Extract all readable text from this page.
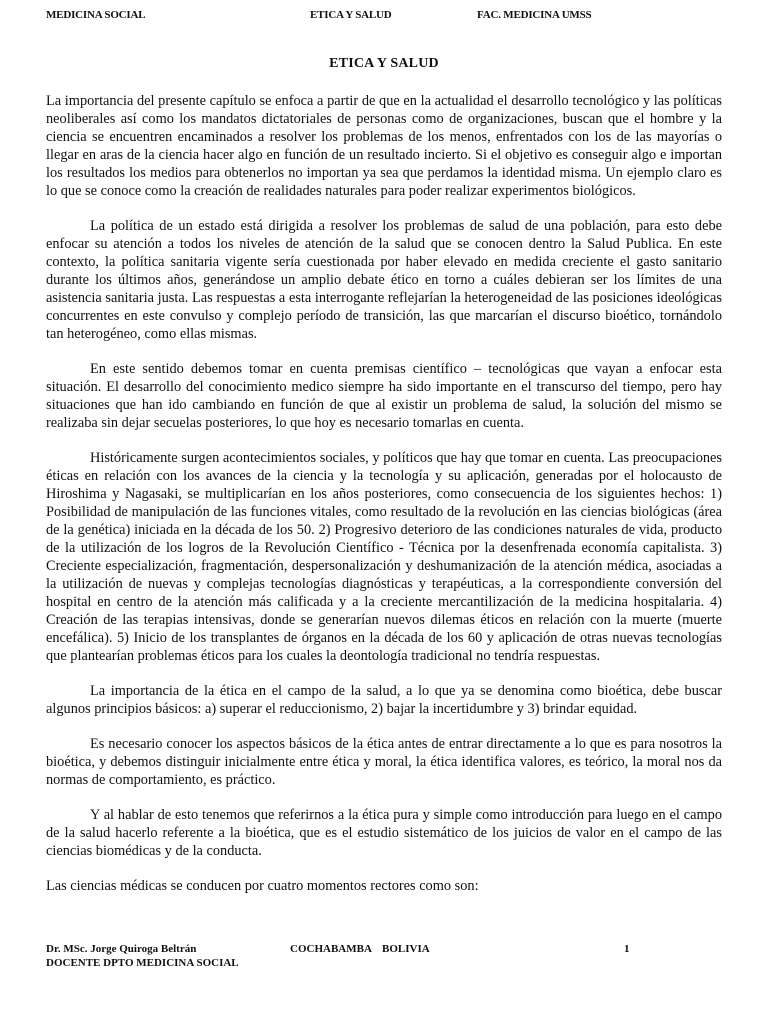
MEDICINA SOCIAL	ETICA Y SALUD	FAC. MEDICINA UMSS
ETICA Y SALUD

La importancia del presente capítulo se enfoca a partir de que en la actualidad el desarrollo tecnológico y las políticas neoliberales así como los mandatos dictatoriales de personas como de organizaciones, buscan que el hombre y la ciencia se encuentren encaminados a resolver los problemas de los menos, enfrentados con los de las mayorías o llegar en aras de la ciencia hacer algo en función de un resultado incierto. Si el objetivo es conseguir algo e importan los resultados los medios para obtenerlos no importan ya sea que perdamos la identidad misma. Un ejemplo claro es lo que se conoce como la creación de realidades naturales para poder realizar experimentos biológicos.

La política de un estado está dirigida a resolver los problemas de salud de una población, para esto debe enfocar su atención a todos los niveles de atención de la salud que se conocen dentro la Salud Publica. En este contexto, la política sanitaria vigente sería cuestionada por haber elevado en medida creciente el gasto sanitario durante los últimos años, generándose un amplio debate ético en torno a cuáles debieran ser los límites de una asistencia sanitaria justa. Las respuestas a esta interrogante reflejarían la heterogeneidad de las posiciones ideológicas concurrentes en este convulso y complejo período de transición, las que marcarían el discurso bioético, tornándolo tan heterogéneo, como ellas mismas.

En este sentido debemos tomar en cuenta premisas científico – tecnológicas que vayan a enfocar esta situación. El desarrollo del conocimiento medico siempre ha sido importante en el transcurso del tiempo, pero hay situaciones que han ido cambiando en función de que al existir un problema de salud, la solución del mismo se realizaba sin dejar secuelas posteriores, lo que hoy es necesario tomarlas en cuenta.

Históricamente surgen acontecimientos sociales, y políticos que hay que tomar en cuenta. Las preocupaciones éticas en relación con los avances de la ciencia y la tecnología y su aplicación, generadas por el holocausto de Hiroshima y Nagasaki, se multiplicarían en los años posteriores, como consecuencia de los siguientes hechos: 1) Posibilidad de manipulación de las funciones vitales, como resultado de la revolución en las ciencias biológicas (área de la genética) iniciada en la década de los 50. 2) Progresivo deterioro de las condiciones naturales de vida, producto de la utilización de los logros de la Revolución Científico - Técnica por la desenfrenada economía capitalista. 3) Creciente especialización, fragmentación, despersonalización y deshumanización de la atención médica, asociadas a la utilización de nuevas y complejas tecnologías diagnósticas y terapéuticas, a la correspondiente conversión del hospital en centro de la atención más calificada y a la creciente mercantilización de la medicina hospitalaria. 4) Creación de las terapias intensivas, donde se generarían nuevos dilemas éticos en relación con la muerte (muerte encefálica). 5) Inicio de los transplantes de órganos en la década de los 60 y aplicación de otras nuevas tecnologías que plantearían problemas éticos para los cuales la deontología tradicional no tendría respuestas.

La importancia de la ética en el campo de la salud, a lo que ya se denomina como bioética, debe buscar algunos principios básicos: a) superar el reduccionismo, 2) bajar la incertidumbre y 3) brindar equidad.

Es necesario conocer los aspectos básicos de la ética antes de entrar directamente a lo que es para nosotros la bioética, y debemos distinguir inicialmente entre ética y moral, la ética identifica valores, es teórico, la moral nos da normas de comportamiento, es práctico.

Y al hablar de esto tenemos que referirnos a la ética pura y simple como introducción para luego en el campo de la salud hacerlo referente a la bioética, que es el estudio sistemático de los juicios de valor en el campo de las ciencias biomédicas y de la conducta.

Las ciencias médicas se conducen por cuatro momentos rectores como son:

Dr. MSc. Jorge Quiroga Beltrán
DOCENTE DPTO MEDICINA SOCIAL
COCHABAMBA BOLIVIA	1
